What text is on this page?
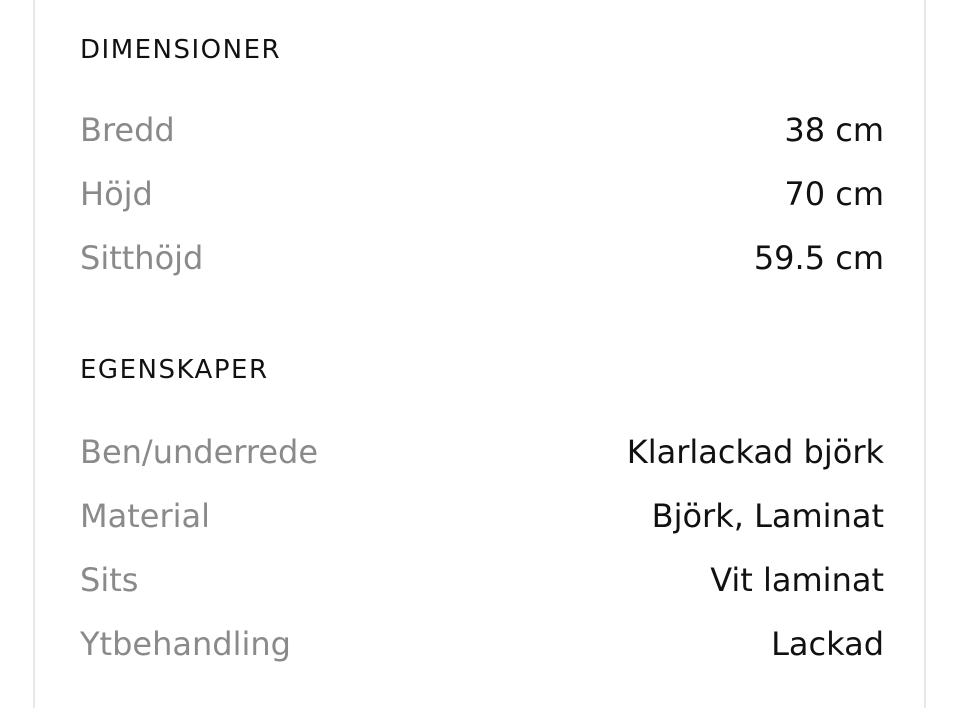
DIMENSIONER
Bredd	38 cm
Höjd	70 cm
Sitthöjd	59.5 cm
EGENSKAPER
Ben/underrede	Klarlackad björk
Material	Björk, Laminat
Sits	Vit laminat
Ytbehandling	Lackad
